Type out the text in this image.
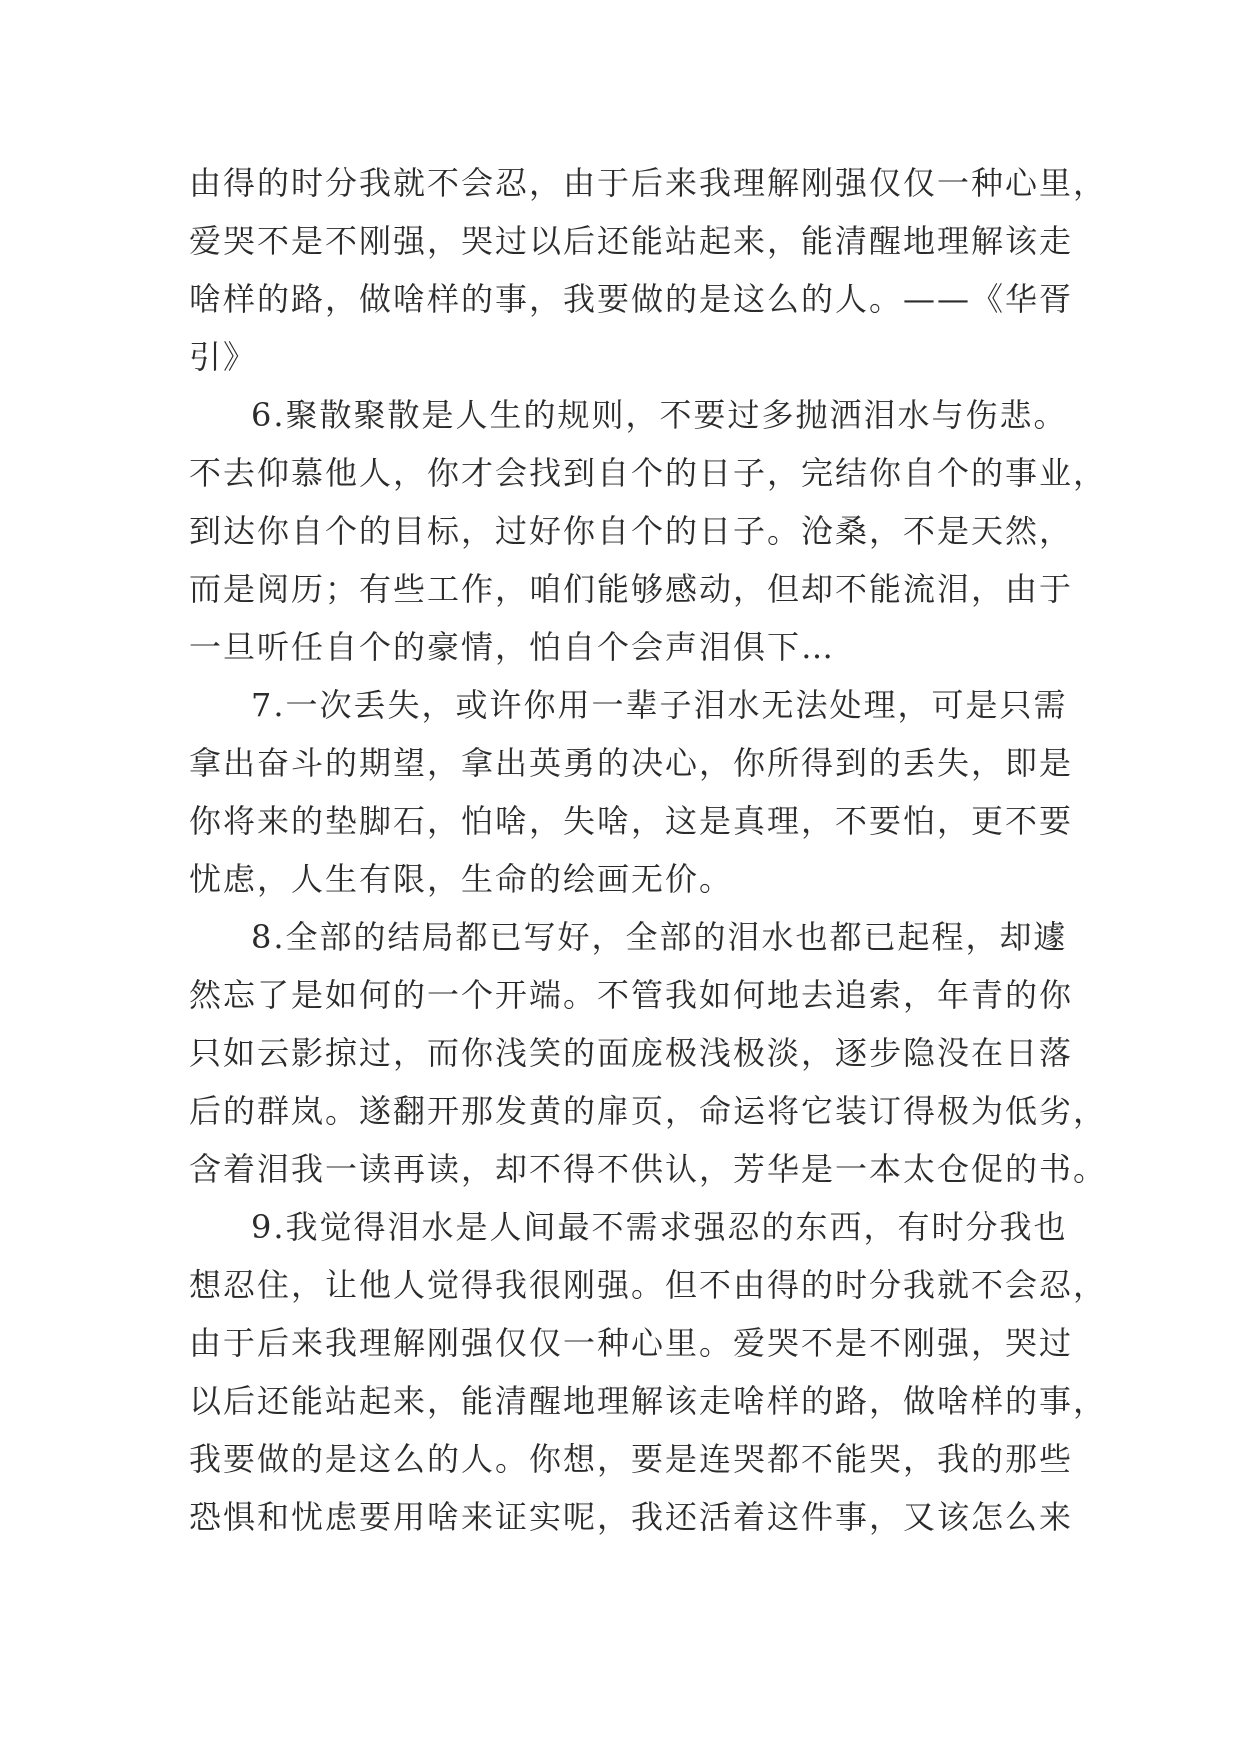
由得的时分我就不会忍，由于后来我理解刚强仅仅一种心里，
爱哭不是不刚强，哭过以后还能站起来，能清醒地理解该走
啥样的路，做啥样的事，我要做的是这么的人。——《华胥
引》
6.聚散聚散是人生的规则，不要过多抛洒泪水与伤悲。
不去仰慕他人，你才会找到自个的日子，完结你自个的事业，
到达你自个的目标，过好你自个的日子。沧桑，不是天然，
而是阅历；有些工作，咱们能够感动，但却不能流泪，由于
一旦听任自个的豪情，怕自个会声泪俱下…
7.一次丢失，或许你用一辈子泪水无法处理，可是只需
拿出奋斗的期望，拿出英勇的决心，你所得到的丢失，即是
你将来的垫脚石，怕啥，失啥，这是真理，不要怕，更不要
忧虑，人生有限，生命的绘画无价。
8.全部的结局都已写好，全部的泪水也都已起程，却遽
然忘了是如何的一个开端。不管我如何地去追索，年青的你
只如云影掠过，而你浅笑的面庞极浅极淡，逐步隐没在日落
后的群岚。遂翻开那发黄的扉页，命运将它装订得极为低劣，
含着泪我一读再读，却不得不供认，芳华是一本太仓促的书。
9.我觉得泪水是人间最不需求强忍的东西，有时分我也
想忍住，让他人觉得我很刚强。但不由得的时分我就不会忍，
由于后来我理解刚强仅仅一种心里。爱哭不是不刚强，哭过
以后还能站起来，能清醒地理解该走啥样的路，做啥样的事，
我要做的是这么的人。你想，要是连哭都不能哭，我的那些
恐惧和忧虑要用啥来证实呢，我还活着这件事，又该怎么来
